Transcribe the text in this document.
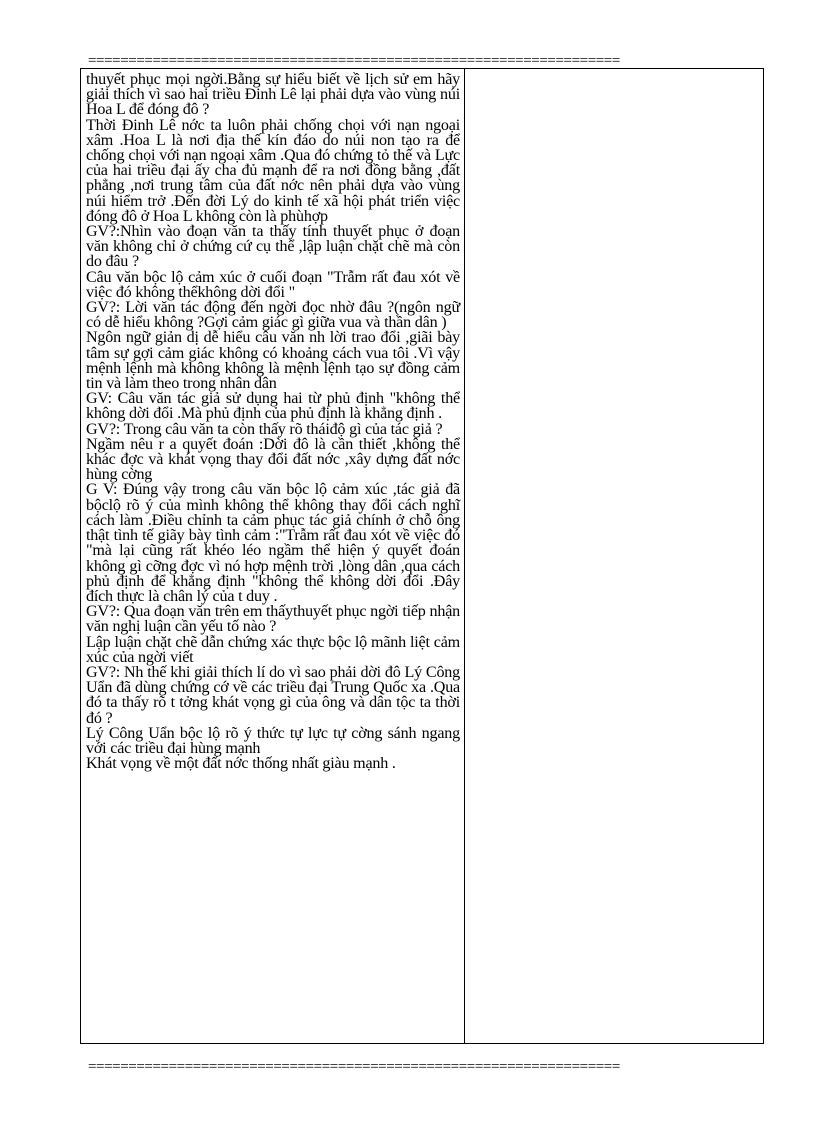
==================================================================

thuyết phục mọi ngời.Bằng sự hiểu biết về lịch sử em hãy giải thích vì sao hai triều Đinh Lê lại phải dựa vào vùng núi Hoa L để đóng đô ?

Thời Đinh Lê nớc ta luôn phải chống chọi với nạn ngoại xâm .Hoa L là nơi địa thế kín đáo do núi non tạo ra để chống chọi với nạn ngoại xâm .Qua đó chứng tỏ thế và Lực của hai triều đại ấy cha đủ mạnh để ra nơi đồng bằng ,đất phẳng ,nơi trung tâm của đất nớc nên phải dựa vào vùng núi hiểm trở .Đến đời Lý do kinh tế xã hội phát triển việc đóng đô ở Hoa L không còn là phùhợp

GV?:Nhìn vào đoạn văn ta thấy tính thuyết phục ở đoạn văn không chỉ ở chứng cứ cụ thể ,lập luận chặt chẽ mà còn do đâu ?

Câu văn bộc lộ cảm xúc ở cuối đoạn "Trẫm rất đau xót về việc đó không thểkhông dời đổi "

GV?: Lời văn tác động đến ngời đọc nhờ đâu ?(ngôn ngữ có dễ hiểu không ?Gợi cảm giác gì giữa vua và thần dân )

Ngôn ngữ giản dị dễ hiểu câu văn nh lời trao đổi ,giãi bày tâm sự gợi cảm giác không có khoảng cách vua tôi .Vì vậy mệnh lệnh mà không không là mệnh lệnh tạo sự đồng cảm tin và làm theo trong nhân dân

GV: Câu văn tác giả sử dụng hai từ phủ định "không thể không dời đổi .Mà phủ định của phủ định là khẳng định .

GV?: Trong câu văn ta còn thấy rõ tháiđộ gì của tác giả ?

Ngầm nêu r a quyết đoán :Dời đô là cần thiết ,không thể khác đợc và khát vọng thay đổi đất nớc ,xây dựng đất nớc hùng cờng

G V: Đúng vậy trong câu văn bộc lộ cảm xúc ,tác giả đã bộclộ rõ ý của mình không thể không thay đổi cách nghĩ cách làm .Điều chỉnh ta cảm phục tác giả chính ở chỗ ông thật tình tế giãy bày tình cảm :"Trẫm rất đau xót về việc đó "mà lại cũng rất khéo léo ngầm thể hiện ý quyết đoán không gì cỡng đợc vì nó hợp mệnh trời ,lòng dân ,qua cách phủ định để khẳng định "không thể không dời đổi .Đây đích thực là chân lý của t duy .

GV?: Qua đoạn văn trên em thấythuyết phục ngời tiếp nhận văn nghị luận cần yếu tố nào ?

Lập luận chặt chẽ dẫn chứng xác thực bộc lộ mãnh liệt cảm xúc của ngời viết

GV?: Nh thế khi giải thích lí do vì sao phải dời đô Lý Công Uẩn đã dùng chứng cớ về các triều đại Trung Quốc xa .Qua đó ta thấy rõ t tởng khát vọng gì của ông và dân tộc ta thời đó ?

Lý Công Uẩn bộc lộ rõ ý thức tự lực tự cờng sánh ngang với các triều đại hùng mạnh

Khát vọng về một đất nớc thống nhất giàu mạnh .

==================================================================
